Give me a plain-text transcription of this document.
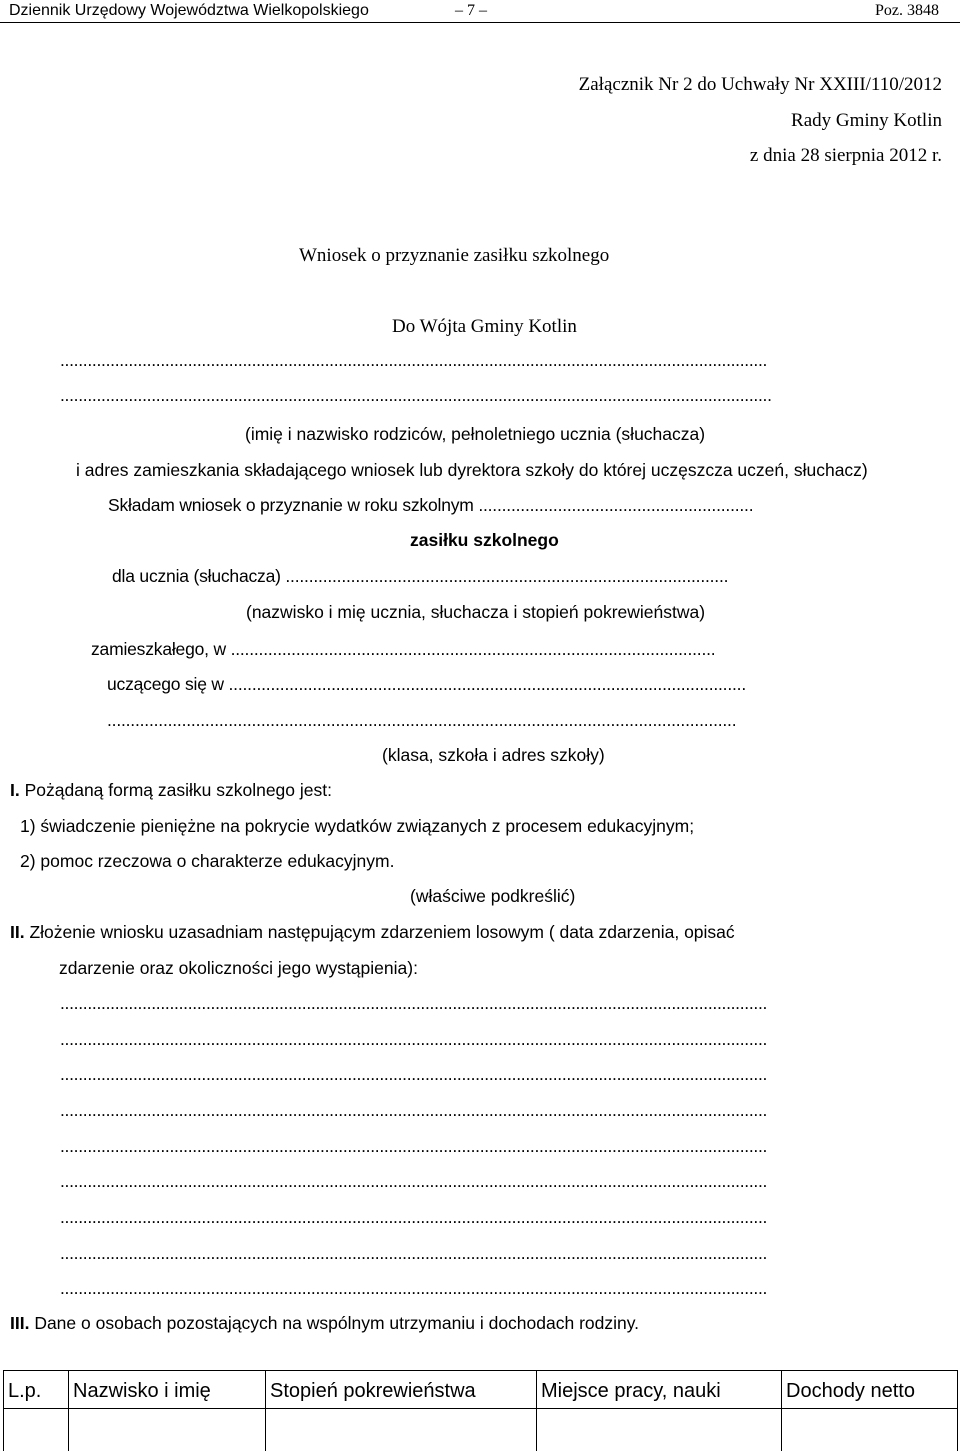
Dziennik Urzędowy Województwa Wielkopolskiego	– 7 –	Poz. 3848
Załącznik Nr 2 do Uchwały Nr XXIII/110/2012
Rady Gminy Kotlin
z dnia 28 sierpnia 2012 r.
Wniosek o przyznanie zasiłku szkolnego
Do Wójta Gminy Kotlin
...........................................................................................................................................................
............................................................................................................................................................
(imię i nazwisko rodziców, pełnoletniego ucznia (słuchacza)
i adres zamieszkania składającego wniosek lub dyrektora szkoły do której uczęszcza uczeń, słuchacz)
Składam wniosek o przyznanie w roku szkolnym ...........................................................
zasiłku szkolnego
dla ucznia (słuchacza) ...............................................................................................
(nazwisko i mię ucznia, słuchacza i stopień pokrewieństwa)
zamieszkałego, w ........................................................................................................
uczącego się w ...............................................................................................................
.......................................................................................................................................
(klasa, szkoła i adres szkoły)
I. Pożądaną formą zasiłku szkolnego jest:
1) świadczenie pieniężne na pokrycie wydatków związanych z procesem edukacyjnym;
2) pomoc rzeczowa o charakterze edukacyjnym.
(właściwe podkreślić)
II. Złożenie wniosku uzasadniam następującym zdarzeniem losowym ( data zdarzenia, opisać
zdarzenie oraz okoliczności jego wystąpienia):
...........................................................................................................................................................
...........................................................................................................................................................
...........................................................................................................................................................
...........................................................................................................................................................
...........................................................................................................................................................
...........................................................................................................................................................
...........................................................................................................................................................
...........................................................................................................................................................
...........................................................................................................................................................
III. Dane o osobach pozostających na wspólnym utrzymaniu i dochodach rodziny.
L.p.	Nazwisko i imię	Stopień pokrewieństwa	Miejsce pracy, nauki	Dochody netto
